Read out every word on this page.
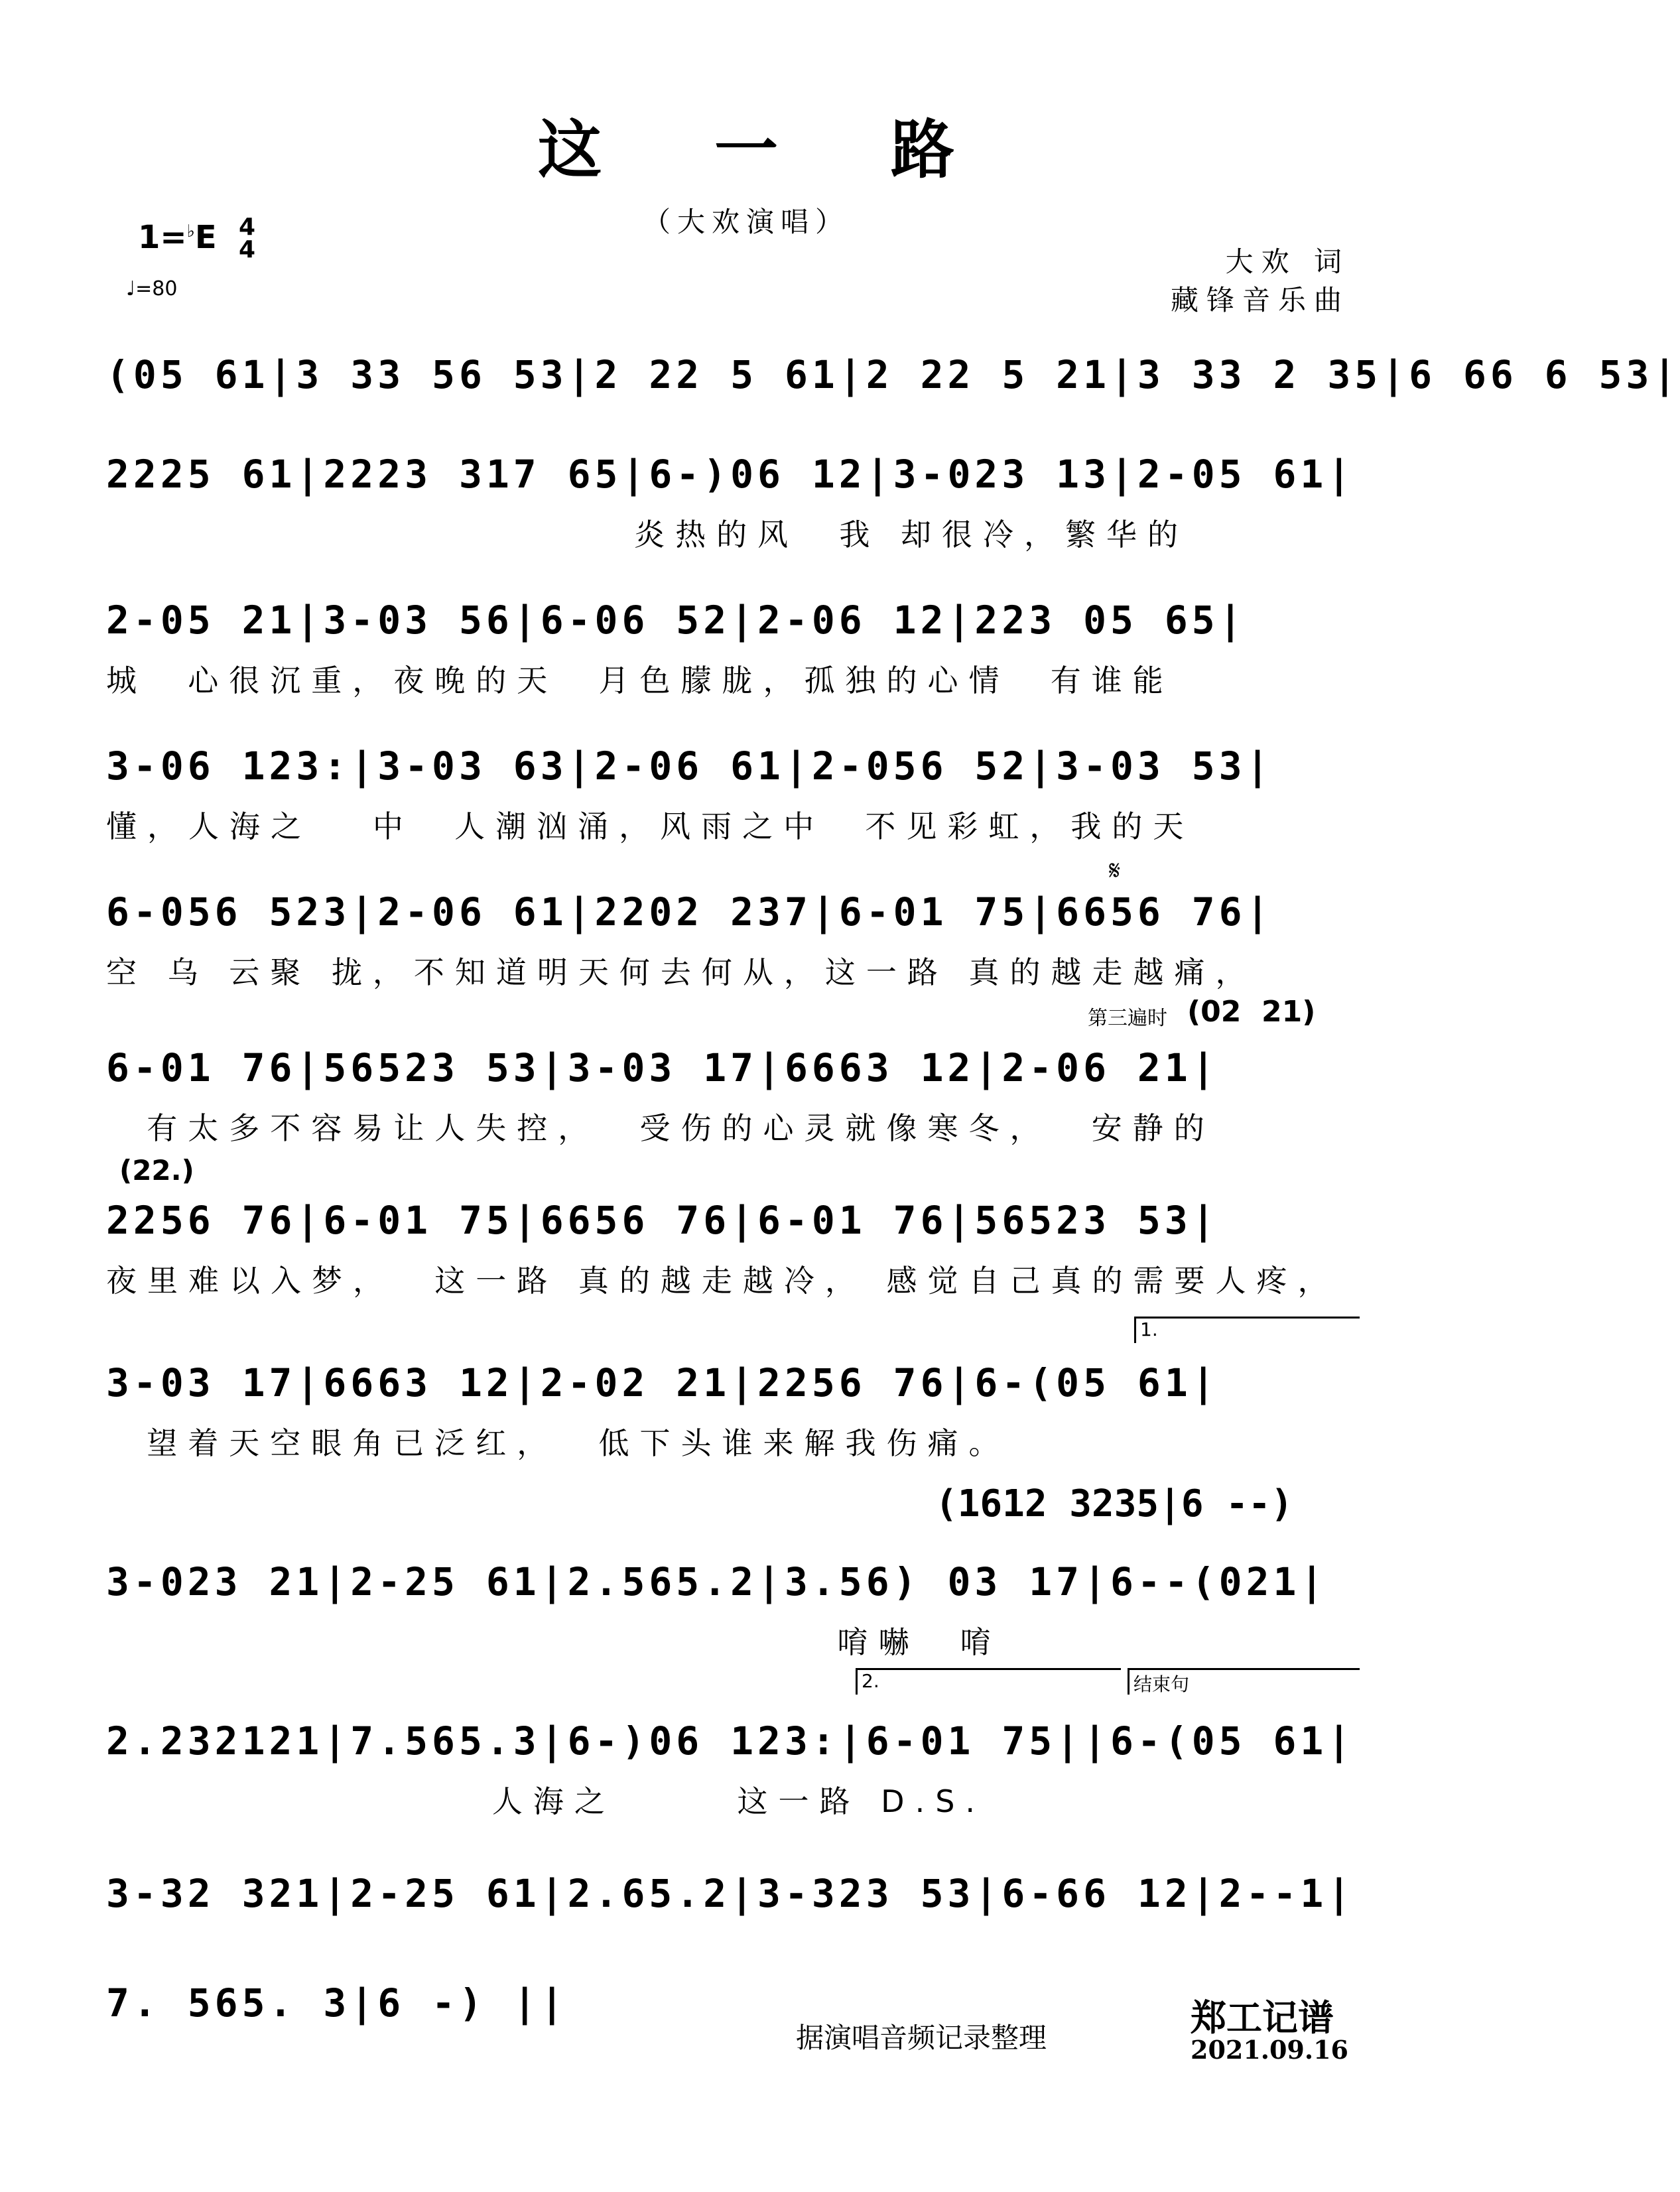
这一路
（大欢演唱）
1=♭E 4
4
♩=80
大欢 词
藏锋音乐曲
(05 61|3 33 56 53|2 22 5 61|2 22 5 21|3 33 2 35|6 66 6 53|
2225 61|2223 317 65|6-)06 12|3-023 13|2-05 61|
炎热的风  我 却很冷，繁华的
2-05 21|3-03 56|6-06 52|2-06 12|223 05 65|
城  心很沉重，夜晚的天  月色朦胧，孤独的心情  有谁能
3-06 123:|3-03 63|2-06 61|2-056 52|3-03 53|
懂，人海之   中  人潮汹涌，风雨之中  不见彩虹，我的天
𝄋
6-056 523|2-06 61|2202 237|6-01 75|6656 76|
空 乌 云聚 拢，不知道明天何去何从，这一路 真的越走越痛，
第三遍时 (02  21)
6-01 76|56523 53|3-03 17|6663 12|2-06 21|
有太多不容易让人失控，  受伤的心灵就像寒冬，  安静的
(22.)
2256 76|6-01 75|6656 76|6-01 76|56523 53|
夜里难以入梦，  这一路 真的越走越冷， 感觉自己真的需要人疼，
1.
3-03 17|6663 12|2-02 21|2256 76|6-(05 61|
望着天空眼角已泛红，  低下头谁来解我伤痛。
(1612 3235|6 --)
3-023 21|2-25 61|2.565.2|3.56) 03 17|6--(021|
唷嚇  唷
2.	结束句
2.232121|7.565.3|6-)06 123:|6-01 75||6-(05 61|
人海之      这一路 D.S.
3-32 321|2-25 61|2.65.2|3-323 53|6-66 12|2--1|
7. 565. 3|6 -) ||
据演唱音频记录整理	郑工记谱
2021.09.16
